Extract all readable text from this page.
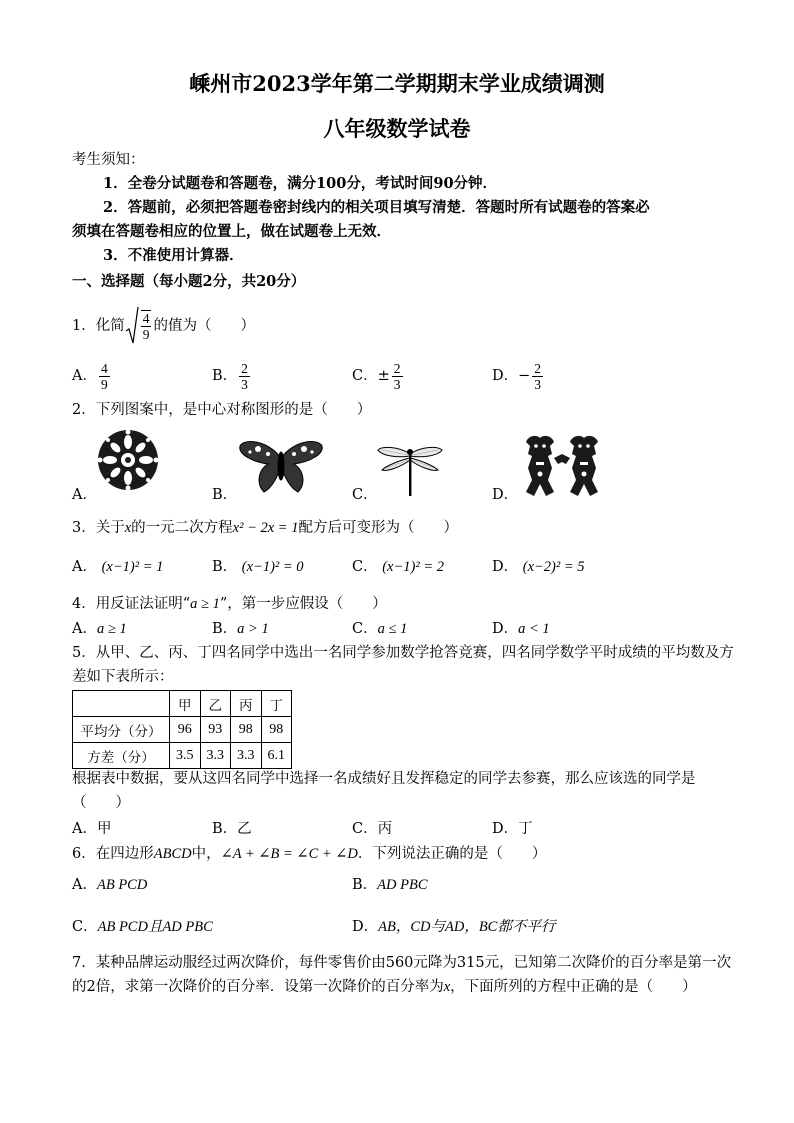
嵊州市2023学年第二学期期末学业成绩调测
八年级数学试卷
考生须知：
1．全卷分试题卷和答题卷，满分100分，考试时间90分钟．
2．答题前，必须把答题卷密封线内的相关项目填写清楚．答题时所有试题卷的答案必
须填在答题卷相应的位置上，做在试题卷上无效．
3．不准使用计算器．
一、选择题（每小题2分，共20分）
1．化简 $\frac{4}{9}$ 的值为（　　）
A． $\frac{4}{9}$	B． $\frac{2}{3}$	C． ± $\frac{2}{3}$	D． − $\frac{2}{3}$
2．下列图案中，是中心对称图形的是（　　）
A．	B．	C．	D．
3．关于x的一元二次方程x² − 2x = 1配方后可变形为（　　）
A． (x−1)² = 1	B． (x−1)² = 0	C． (x−1)² = 2	D． (x−2)² = 5
4．用反证法证明“a ≥ 1”，第一步应假设（　　）
A．a ≥ 1	B．a > 1	C．a ≤ 1	D．a < 1
5．从甲、乙、丙、丁四名同学中选出一名同学参加数学抢答竞赛，四名同学数学平时成绩的平均数及方
差如下表所示：
	甲	乙	丙	丁
平均分（分）	96	93	98	98
方差（分）	3.5	3.3	3.3	6.1
根据表中数据，要从这四名同学中选择一名成绩好且发挥稳定的同学去参赛，那么应该选的同学是
（　　）
A．甲	B．乙	C．丙	D．丁
6．在四边形ABCD中，∠A + ∠B = ∠C + ∠D．下列说法正确的是（　　）
A．AB PCD	B．AD PBC
C．AB PCD且AD PBC	D．AB，CD与AD，BC都不平行
7．某种品牌运动服经过两次降价，每件零售价由560元降为315元，已知第二次降价的百分率是第一次
的2倍，求第一次降价的百分率．设第一次降价的百分率为x，下面所列的方程中正确的是（　　）
